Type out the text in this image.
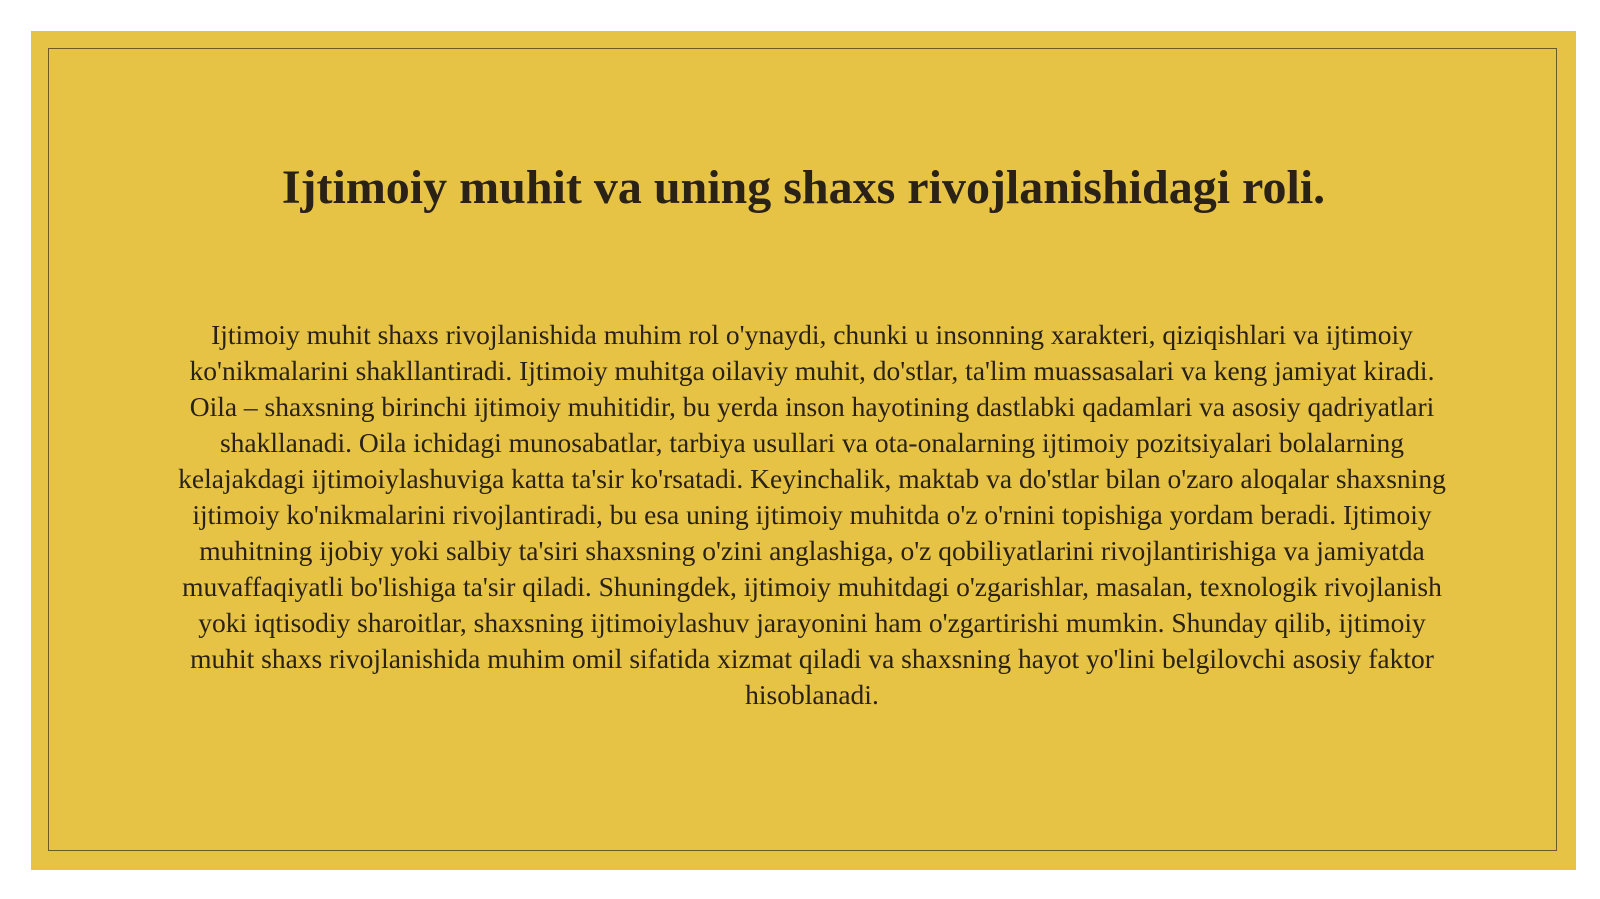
Ijtimoiy muhit va uning shaxs rivojlanishidagi roli.

Ijtimoiy muhit shaxs rivojlanishida muhim rol o'ynaydi, chunki u insonning xarakteri, qiziqishlari va ijtimoiy ko'nikmalarini shakllantiradi. Ijtimoiy muhitga oilaviy muhit, do'stlar, ta'lim muassasalari va keng jamiyat kiradi. Oila – shaxsning birinchi ijtimoiy muhitidir, bu yerda inson hayotining dastlabki qadamlari va asosiy qadriyatlari shakllanadi. Oila ichidagi munosabatlar, tarbiya usullari va ota-onalarning ijtimoiy pozitsiyalari bolalarning kelajakdagi ijtimoiylashuviga katta ta'sir ko'rsatadi. Keyinchalik, maktab va do'stlar bilan o'zaro aloqalar shaxsning ijtimoiy ko'nikmalarini rivojlantiradi, bu esa uning ijtimoiy muhitda o'z o'rnini topishiga yordam beradi. Ijtimoiy muhitning ijobiy yoki salbiy ta'siri shaxsning o'zini anglashiga, o'z qobiliyatlarini rivojlantirishiga va jamiyatda muvaffaqiyatli bo'lishiga ta'sir qiladi. Shuningdek, ijtimoiy muhitdagi o'zgarishlar, masalan, texnologik rivojlanish yoki iqtisodiy sharoitlar, shaxsning ijtimoiylashuv jarayonini ham o'zgartirishi mumkin. Shunday qilib, ijtimoiy muhit shaxs rivojlanishida muhim omil sifatida xizmat qiladi va shaxsning hayot yo'lini belgilovchi asosiy faktor hisoblanadi.
